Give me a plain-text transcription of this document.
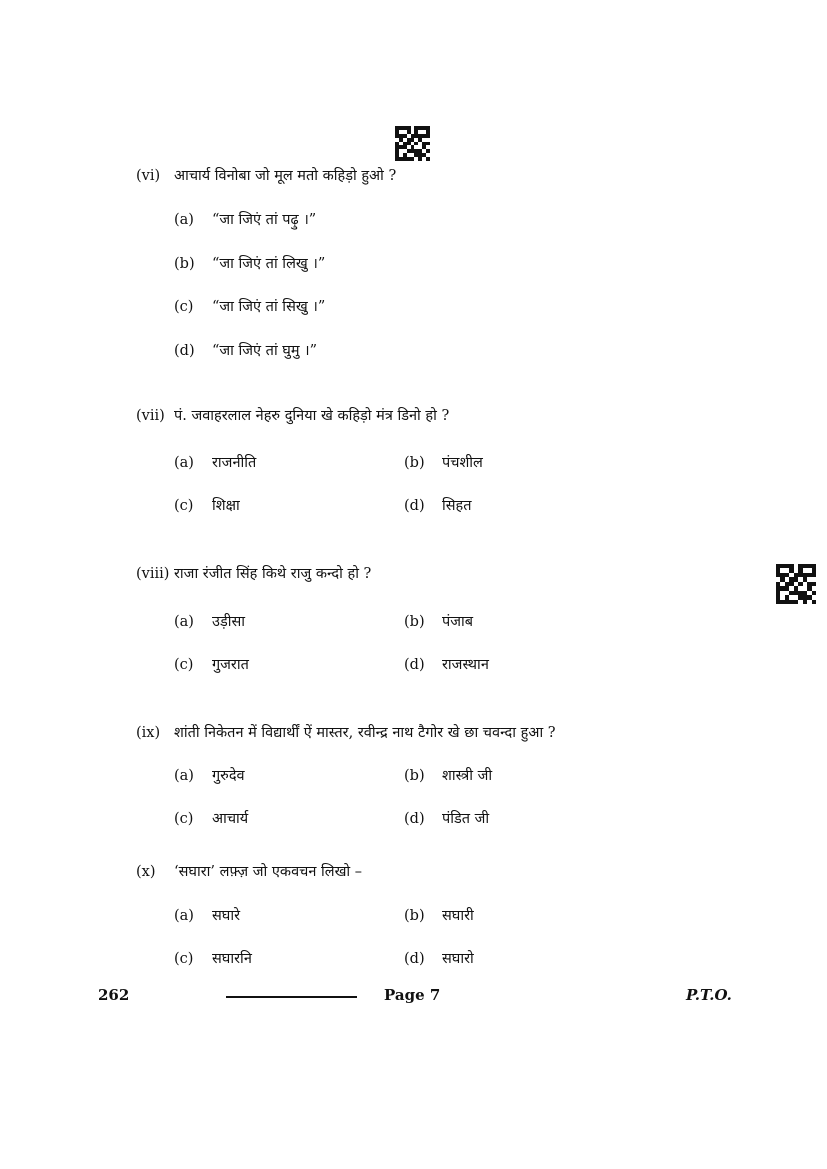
(vi) आचार्य विनोबा जो मूल मतो कहिड़ो हुओ ?
(a) “जा जिएं तां पढ़ु ।”
(b) “जा जिएं तां लिखु ।”
(c) “जा जिएं तां सिखु ।”
(d) “जा जिएं तां घुमु ।”
(vii) पं. जवाहरलाल नेहरु दुनिया खे कहिड़ो मंत्र डिनो हो ?
(a) राजनीति	(b) पंचशील
(c) शिक्षा	(d) सिहत
(viii) राजा रंजीत सिंह किथे राजु कन्दो हो ?
(a) उड़ीसा	(b) पंजाब
(c) गुजरात	(d) राजस्थान
(ix) शांती निकेतन में विद्यार्थीं ऐं मास्तर, रवीन्द्र नाथ टैगोर खे छा चवन्दा हुआ ?
(a) गुरुदेव	(b) शास्त्री जी
(c) आचार्य	(d) पंडित जी
(x) ‘सघारा’ लफ़्ज़ जो एकवचन लिखो –
(a) सघारे	(b) सघारी
(c) सघारनि	(d) सघारो
262	Page 7	P.T.O.
